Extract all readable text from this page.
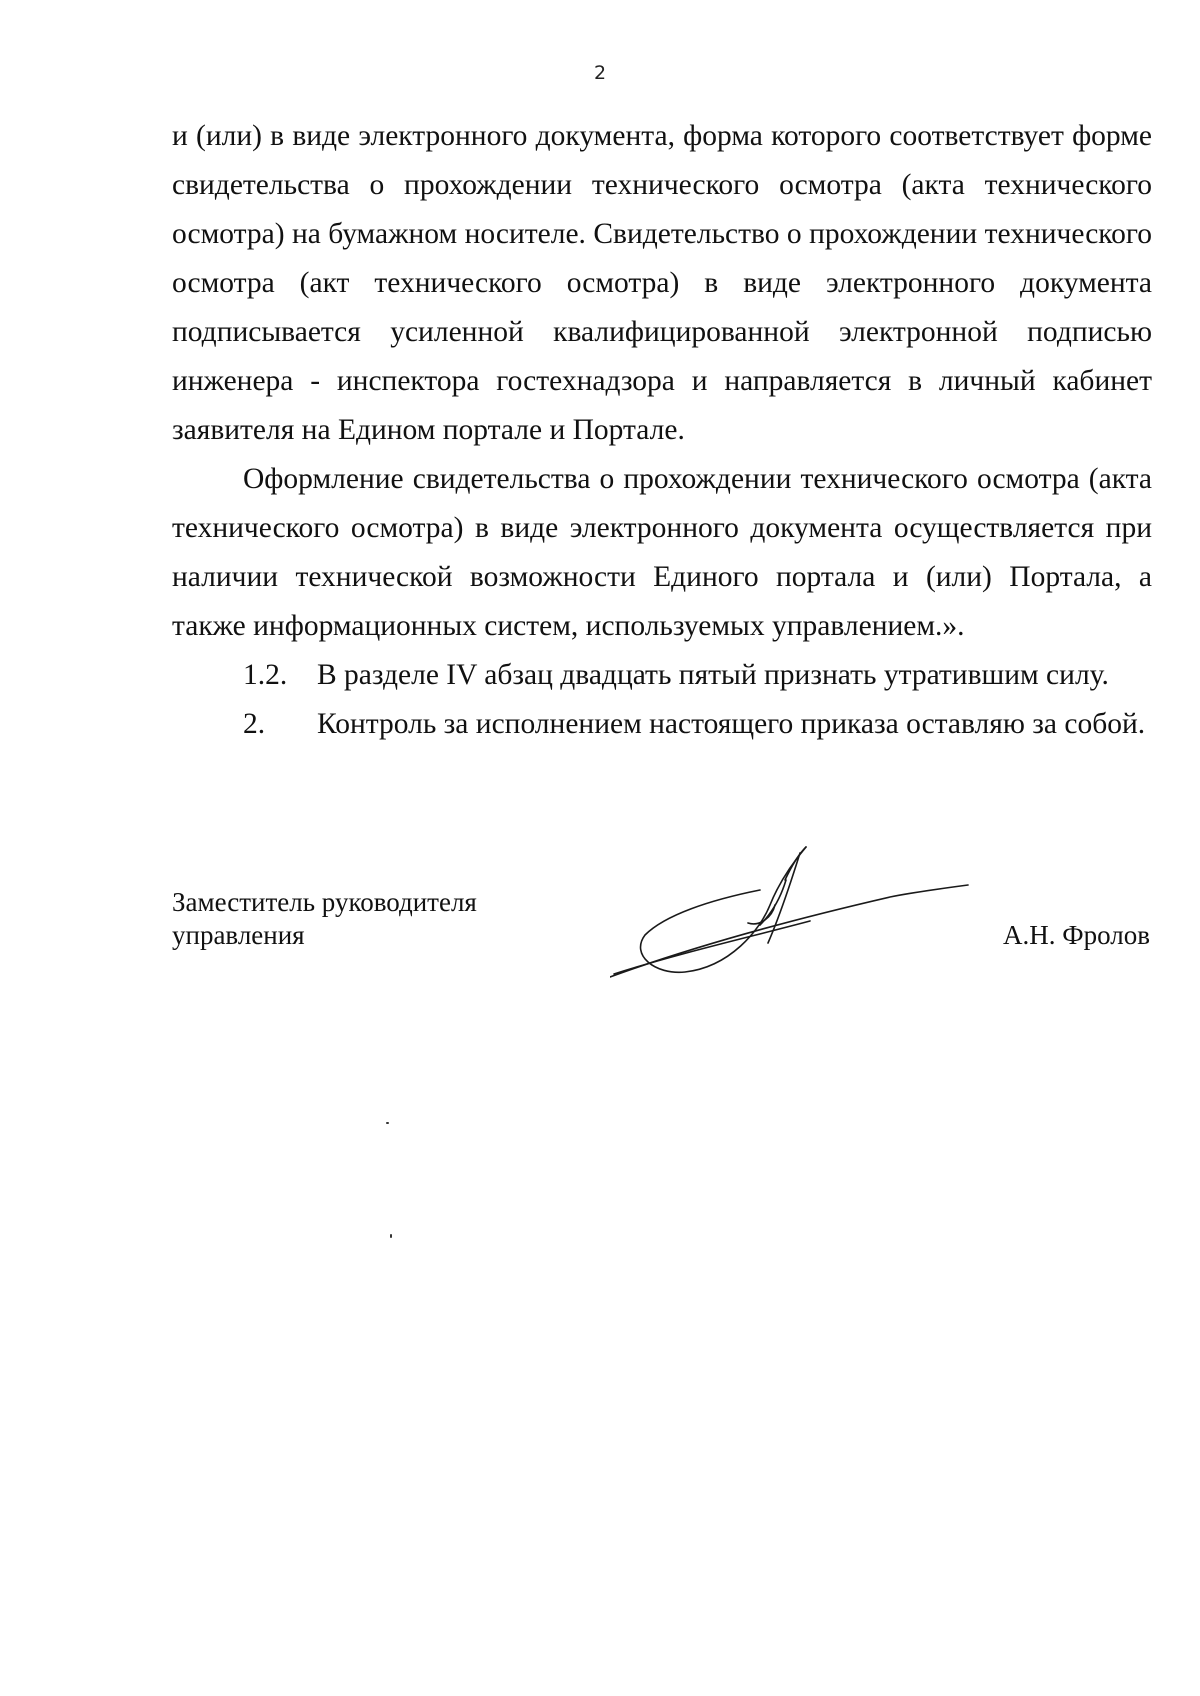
2

и (или) в виде электронного документа, форма которого соответствует форме свидетельства о прохождении технического осмотра (акта технического осмотра) на бумажном носителе. Свидетельство о прохождении технического осмотра (акт технического осмотра) в виде электронного документа подписывается усиленной квалифицированной электронной подписью инженера - инспектора гостехнадзора и направляется в личный кабинет заявителя на Едином портале и Портале.

Оформление свидетельства о прохождении технического осмотра (акта технического осмотра) в виде электронного документа осуществляется при наличии технической возможности Единого портала и (или) Портала, а также информационных систем, используемых управлением.».

1.2.	В разделе IV абзац двадцать пятый признать утратившим силу.
2.	Контроль за исполнением настоящего приказа оставляю за собой.
Заместитель руководителя
управления	А.Н. Фролов
